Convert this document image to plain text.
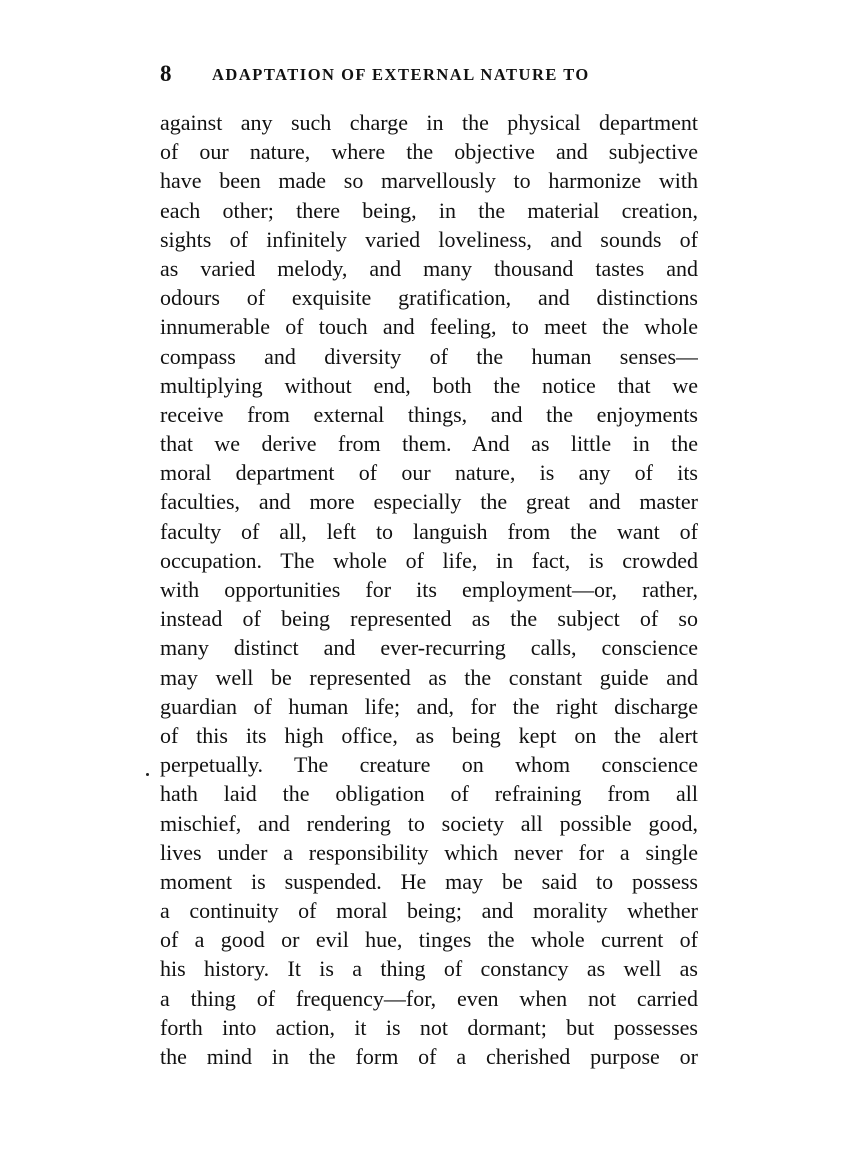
8 ADAPTATION OF EXTERNAL NATURE TO
against any such charge in the physical department
of our nature, where the objective and subjective
have been made so marvellously to harmonize with
each other; there being, in the material creation,
sights of infinitely varied loveliness, and sounds of
as varied melody, and many thousand tastes and
odours of exquisite gratification, and distinctions
innumerable of touch and feeling, to meet the whole
compass and diversity of the human senses—
multiplying without end, both the notice that we
receive from external things, and the enjoyments
that we derive from them. And as little in the
moral department of our nature, is any of its
faculties, and more especially the great and master
faculty of all, left to languish from the want of
occupation. The whole of life, in fact, is crowded
with opportunities for its employment—or, rather,
instead of being represented as the subject of so
many distinct and ever-recurring calls, conscience
may well be represented as the constant guide and
guardian of human life; and, for the right discharge
of this its high office, as being kept on the alert
perpetually. The creature on whom conscience
hath laid the obligation of refraining from all
mischief, and rendering to society all possible good,
lives under a responsibility which never for a single
moment is suspended. He may be said to possess
a continuity of moral being; and morality whether
of a good or evil hue, tinges the whole current of
his history. It is a thing of constancy as well as
a thing of frequency—for, even when not carried
forth into action, it is not dormant; but possesses
the mind in the form of a cherished purpose or
